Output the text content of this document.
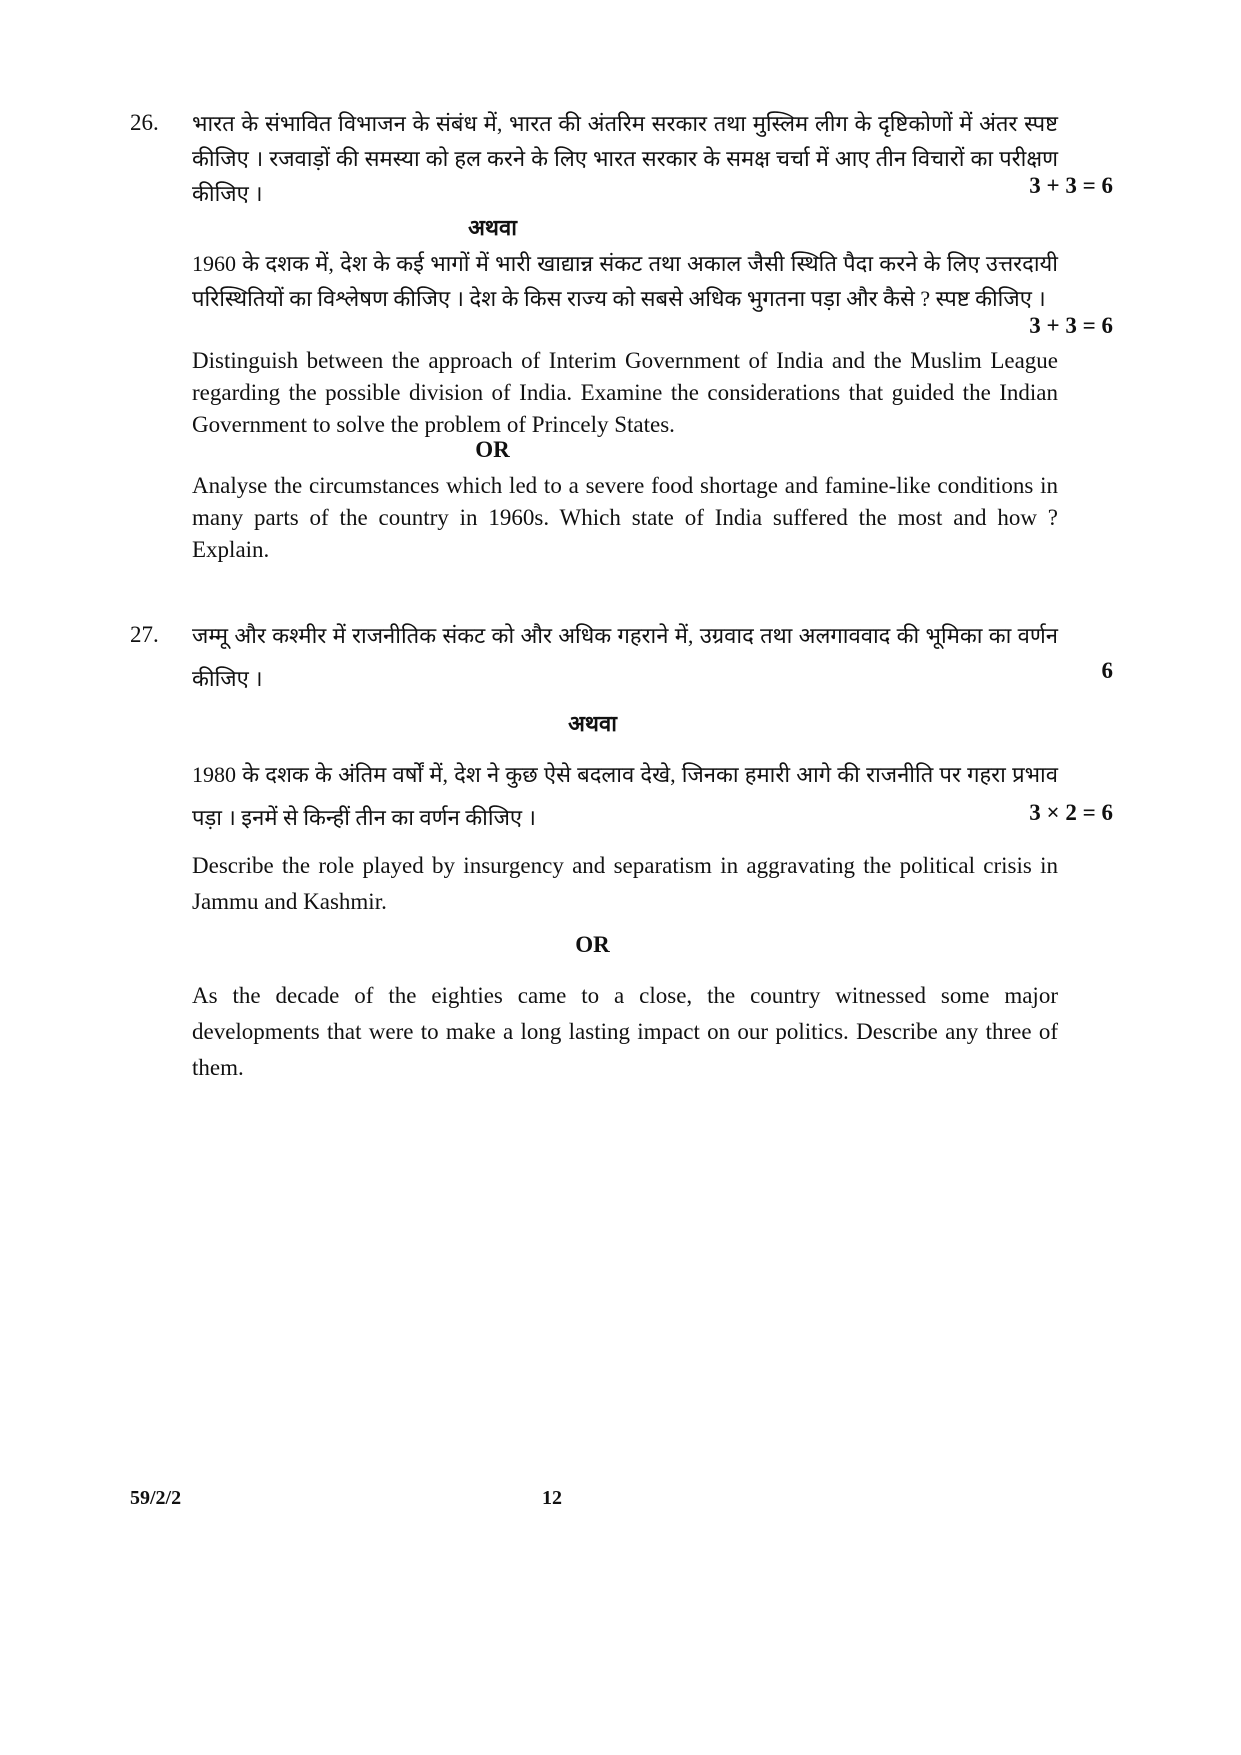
26. भारत के संभावित विभाजन के संबंध में, भारत की अंतरिम सरकार तथा मुस्लिम लीग के दृष्टिकोणों में अंतर स्पष्ट कीजिए । रजवाड़ों की समस्या को हल करने के लिए भारत सरकार के समक्ष चर्चा में आए तीन विचारों का परीक्षण कीजिए ।	3 + 3 = 6
अथवा

1960 के दशक में, देश के कई भागों में भारी खाद्यान्न संकट तथा अकाल जैसी स्थिति पैदा करने के लिए उत्तरदायी परिस्थितियों का विश्लेषण कीजिए । देश के किस राज्य को सबसे अधिक भुगतना पड़ा और कैसे ? स्पष्ट कीजिए ।

3 + 3 = 6

Distinguish between the approach of Interim Government of India and the Muslim League regarding the possible division of India. Examine the considerations that guided the Indian Government to solve the problem of Princely States.

OR

Analyse the circumstances which led to a severe food shortage and famine-like conditions in many parts of the country in 1960s. Which state of India suffered the most and how ? Explain.

27. जम्मू और कश्मीर में राजनीतिक संकट को और अधिक गहराने में, उग्रवाद तथा अलगाववाद की भूमिका का वर्णन कीजिए ।	6
अथवा

1980 के दशक के अंतिम वर्षों में, देश ने कुछ ऐसे बदलाव देखे, जिनका हमारी आगे की राजनीति पर गहरा प्रभाव पड़ा । इनमें से किन्हीं तीन का वर्णन कीजिए ।	3 × 2 = 6

Describe the role played by insurgency and separatism in aggravating the political crisis in Jammu and Kashmir.

OR

As the decade of the eighties came to a close, the country witnessed some major developments that were to make a long lasting impact on our politics. Describe any three of them.

59/2/2	12
